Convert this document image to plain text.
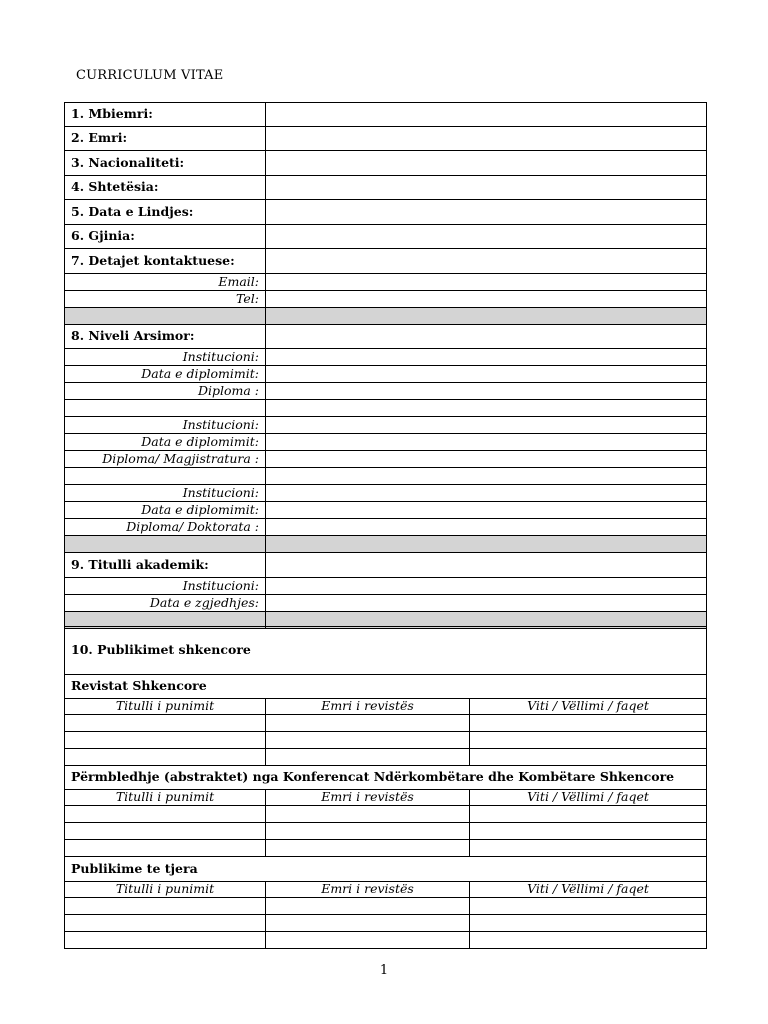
CURRICULUM VITAE
1. Mbiemri:	
2. Emri:	
3. Nacionaliteti:	
4. Shtetësia:	
5. Data e Lindjes:	
6. Gjinia:	
7. Detajet kontaktuese:	
Email:	
Tel:	

8. Niveli Arsimor:	
Institucioni:	
Data e diplomimit:	
Diploma :	

Institucioni:	
Data e diplomimit:	
Diploma/ Magjistratura :	

Institucioni:	
Data e diplomimit:	
Diploma/ Doktorata :	

9. Titulli akademik:	
Institucioni:	
Data e zgjedhjes:	

10. Publikimet shkencore		
Revistat Shkencore		
Titulli i punimit	Emri i revistës	Viti / Vëllimi / faqet

Përmbledhje (abstraktet) nga Konferencat Ndërkombëtare dhe Kombëtare Shkencore		
Titulli i punimit	Emri i revistës	Viti / Vëllimi / faqet

Publikime te tjera		
Titulli i punimit	Emri i revistës	Viti / Vëllimi / faqet

1
